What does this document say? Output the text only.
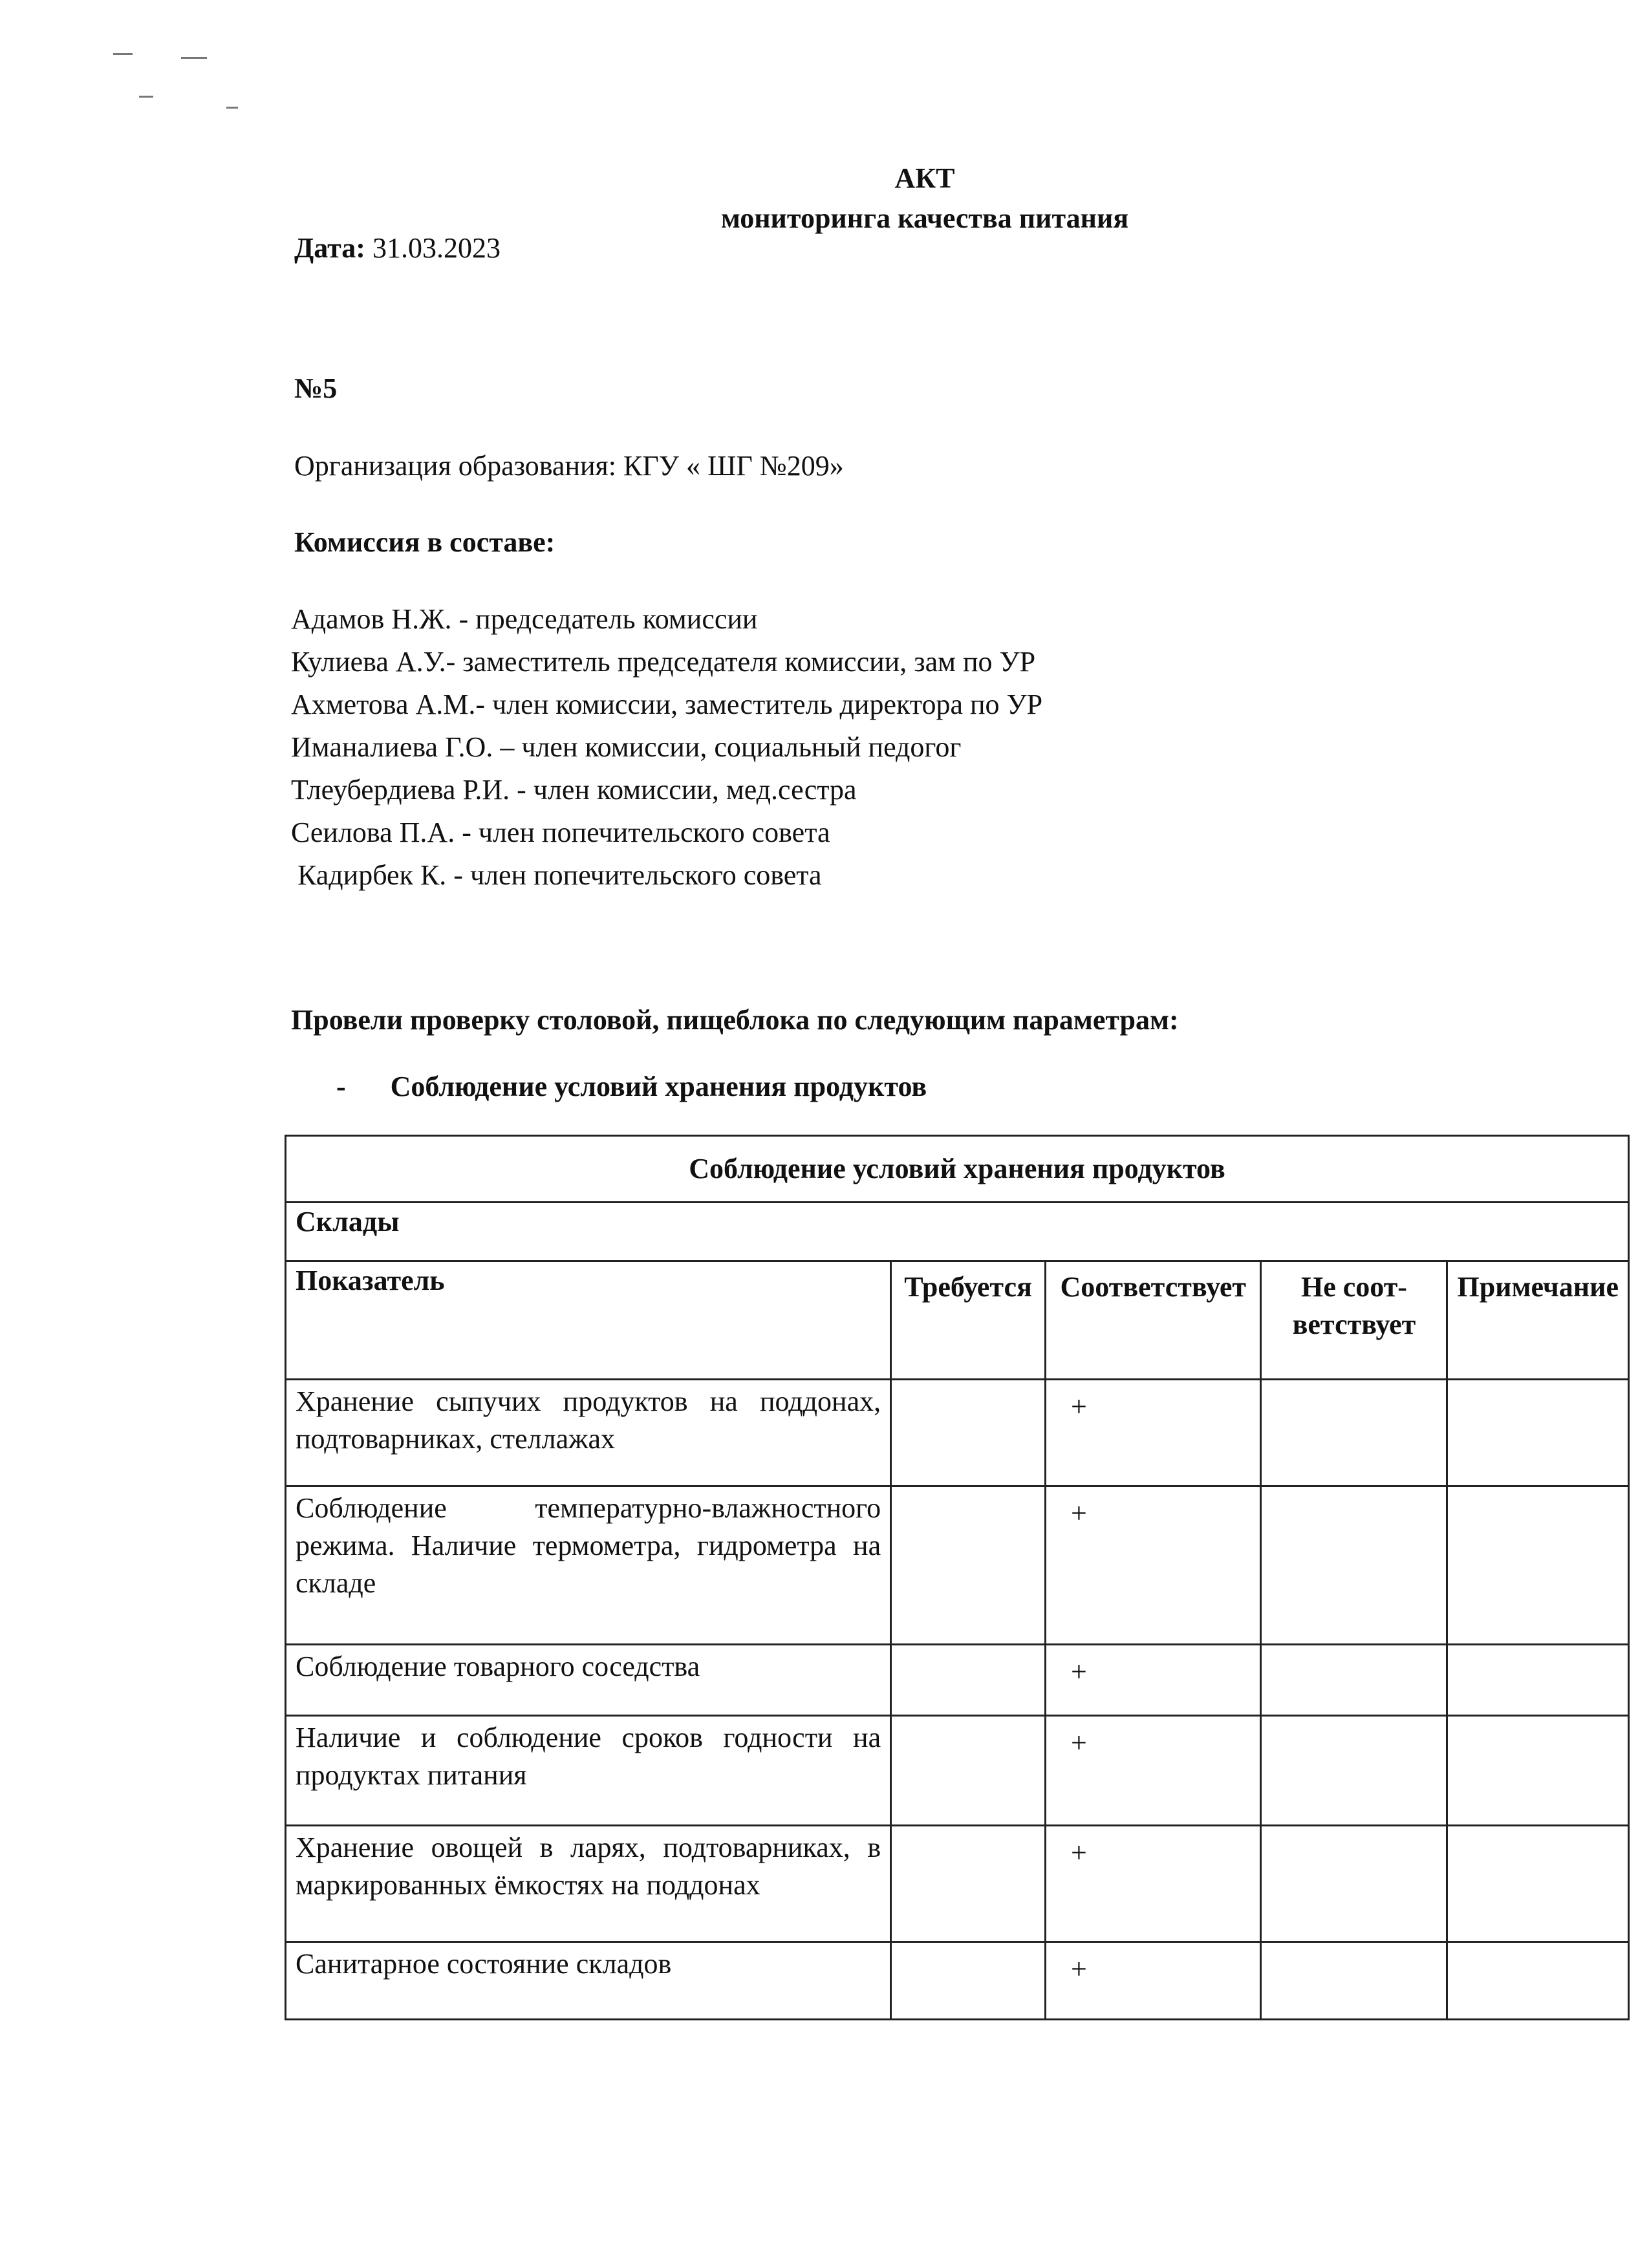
АКТ
мониторинга качества питания
Дата: 31.03.2023
№5
Организация образования: КГУ « ШГ №209»
Комиссия в составе:
Адамов Н.Ж. - председатель комиссии
Кулиева А.У.- заместитель председателя комиссии, зам по УР
Ахметова А.М.- член комиссии, заместитель директора по УР
Иманалиева Г.О. – член комиссии, социальный педогог
Тлеубердиева Р.И. - член комиссии, мед.сестра
Сеилова П.А. - член попечительского совета
Кадирбек К. - член попечительского совета
Провели проверку столовой, пищеблока по следующим параметрам:
- Соблюдение условий хранения продуктов
Соблюдение условий хранения продуктов				
Склады				
Показатель	Требуется	Соответствует	Не соот-ветствует	Примечание
Хранение сыпучих продуктов на поддонах, подтоварниках, стеллажах		+		
Соблюдение температурно-влажностного режима. Наличие термометра, гидрометра на складе		+		
Соблюдение товарного соседства		+		
Наличие и соблюдение сроков годности на продуктах питания		+		
Хранение овощей в ларях, подтоварниках, в маркированных ёмкостях на поддонах		+		
Санитарное состояние складов		+		
